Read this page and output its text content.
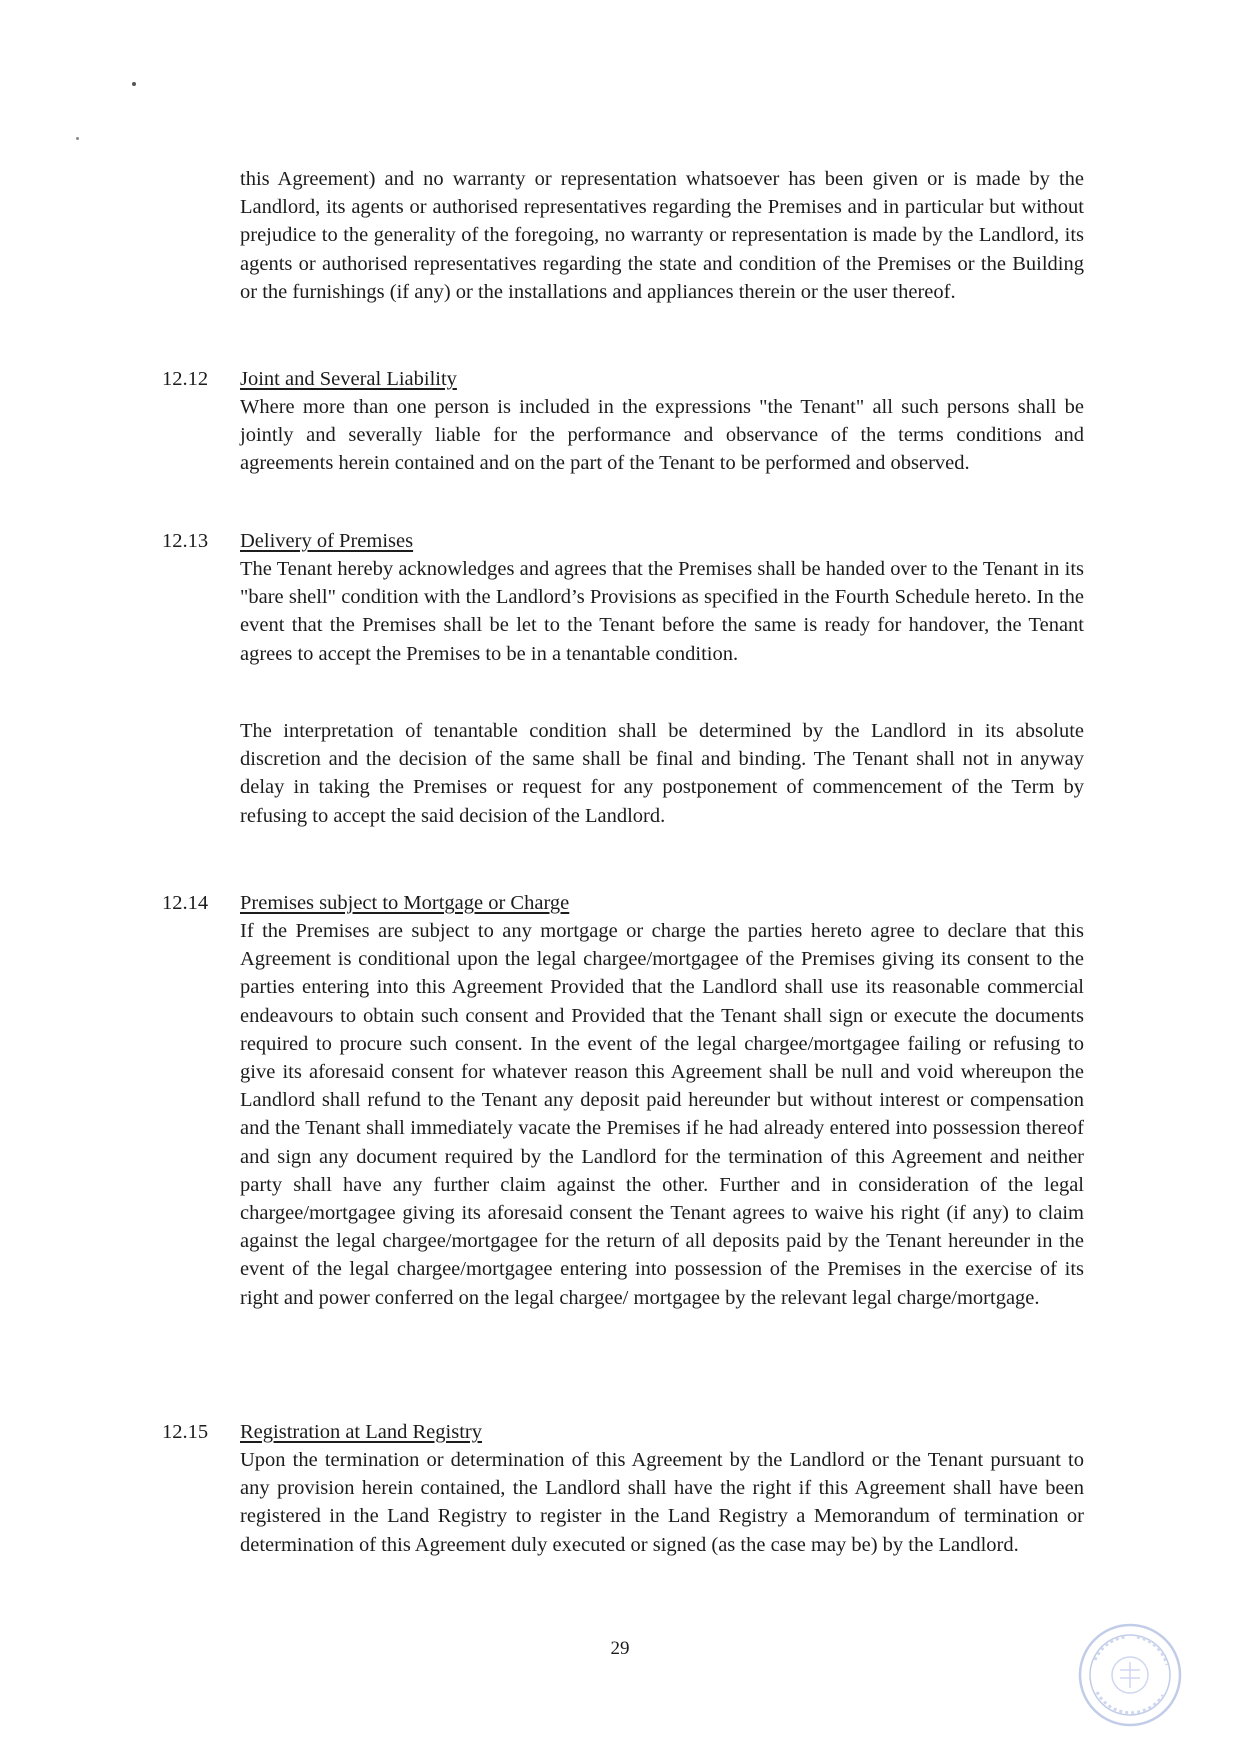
this Agreement) and no warranty or representation whatsoever has been given or is made by the Landlord, its agents or authorised representatives regarding the Premises and in particular but without prejudice to the generality of the foregoing, no warranty or representation is made by the Landlord, its agents or authorised representatives regarding the state and condition of the Premises or the Building or the furnishings (if any) or the installations and appliances therein or the user thereof.

12.12	Joint and Several Liability

Where more than one person is included in the expressions "the Tenant" all such persons shall be jointly and severally liable for the performance and observance of the terms conditions and agreements herein contained and on the part of the Tenant to be performed and observed.

12.13	Delivery of Premises

The Tenant hereby acknowledges and agrees that the Premises shall be handed over to the Tenant in its "bare shell" condition with the Landlord’s Provisions as specified in the Fourth Schedule hereto. In the event that the Premises shall be let to the Tenant before the same is ready for handover, the Tenant agrees to accept the Premises to be in a tenantable condition.

The interpretation of tenantable condition shall be determined by the Landlord in its absolute discretion and the decision of the same shall be final and binding. The Tenant shall not in anyway delay in taking the Premises or request for any postponement of commencement of the Term by refusing to accept the said decision of the Landlord.

12.14	Premises subject to Mortgage or Charge

If the Premises are subject to any mortgage or charge the parties hereto agree to declare that this Agreement is conditional upon the legal chargee/mortgagee of the Premises giving its consent to the parties entering into this Agreement Provided that the Landlord shall use its reasonable commercial endeavours to obtain such consent and Provided that the Tenant shall sign or execute the documents required to procure such consent. In the event of the legal chargee/mortgagee failing or refusing to give its aforesaid consent for whatever reason this Agreement shall be null and void whereupon the Landlord shall refund to the Tenant any deposit paid hereunder but without interest or compensation and the Tenant shall immediately vacate the Premises if he had already entered into possession thereof and sign any document required by the Landlord for the termination of this Agreement and neither party shall have any further claim against the other. Further and in consideration of the legal chargee/mortgagee giving its aforesaid consent the Tenant agrees to waive his right (if any) to claim against the legal chargee/mortgagee for the return of all deposits paid by the Tenant hereunder in the event of the legal chargee/mortgagee entering into possession of the Premises in the exercise of its right and power conferred on the legal chargee/ mortgagee by the relevant legal charge/mortgage.

12.15	Registration at Land Registry

Upon the termination or determination of this Agreement by the Landlord or the Tenant pursuant to any provision herein contained, the Landlord shall have the right if this Agreement shall have been registered in the Land Registry to register in the Land Registry a Memorandum of termination or determination of this Agreement duly executed or signed (as the case may be) by the Landlord.

29
